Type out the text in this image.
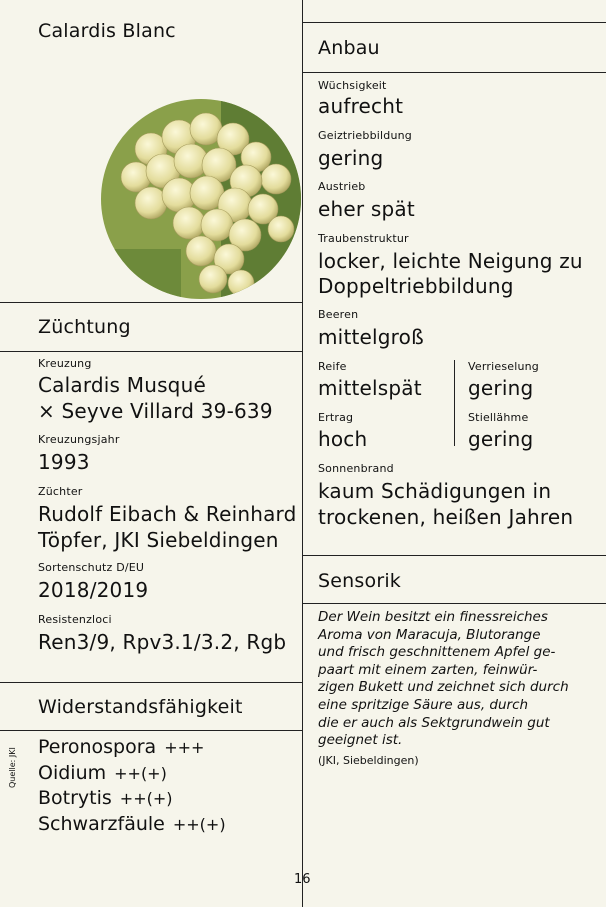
Calardis Blanc
Züchtung
Kreuzung
Calardis Musqué
× Seyve Villard 39-639
Kreuzungsjahr
1993
Züchter
Rudolf Eibach & Reinhard
Töpfer, JKI Siebeldingen
Sortenschutz D/EU
2018/2019
Resistenzloci
Ren3/9, Rpv3.1/3.2, Rgb
Widerstandsfähigkeit
Quelle: JKI
Peronospora +++
Oidium ++(+)
Botrytis ++(+)
Schwarzfäule ++(+)
Anbau
Wüchsigkeit
aufrecht
Geiztriebbildung
gering
Austrieb
eher spät
Traubenstruktur
locker, leichte Neigung zu
Doppeltriebbildung
Beeren
mittelgroß
Reife
mittelspät
Verrieselung
gering
Ertrag
hoch
Stiellähme
gering
Sonnenbrand
kaum Schädigungen in
trockenen, heißen Jahren
Sensorik
Der Wein besitzt ein finessreiches
Aroma von Maracuja, Blutorange
und frisch geschnittenem Apfel ge-
paart mit einem zarten, feinwür-
zigen Bukett und zeichnet sich durch
eine spritzige Säure aus, durch
die er auch als Sektgrundwein gut
geeignet ist.
(JKI, Siebeldingen)
16
